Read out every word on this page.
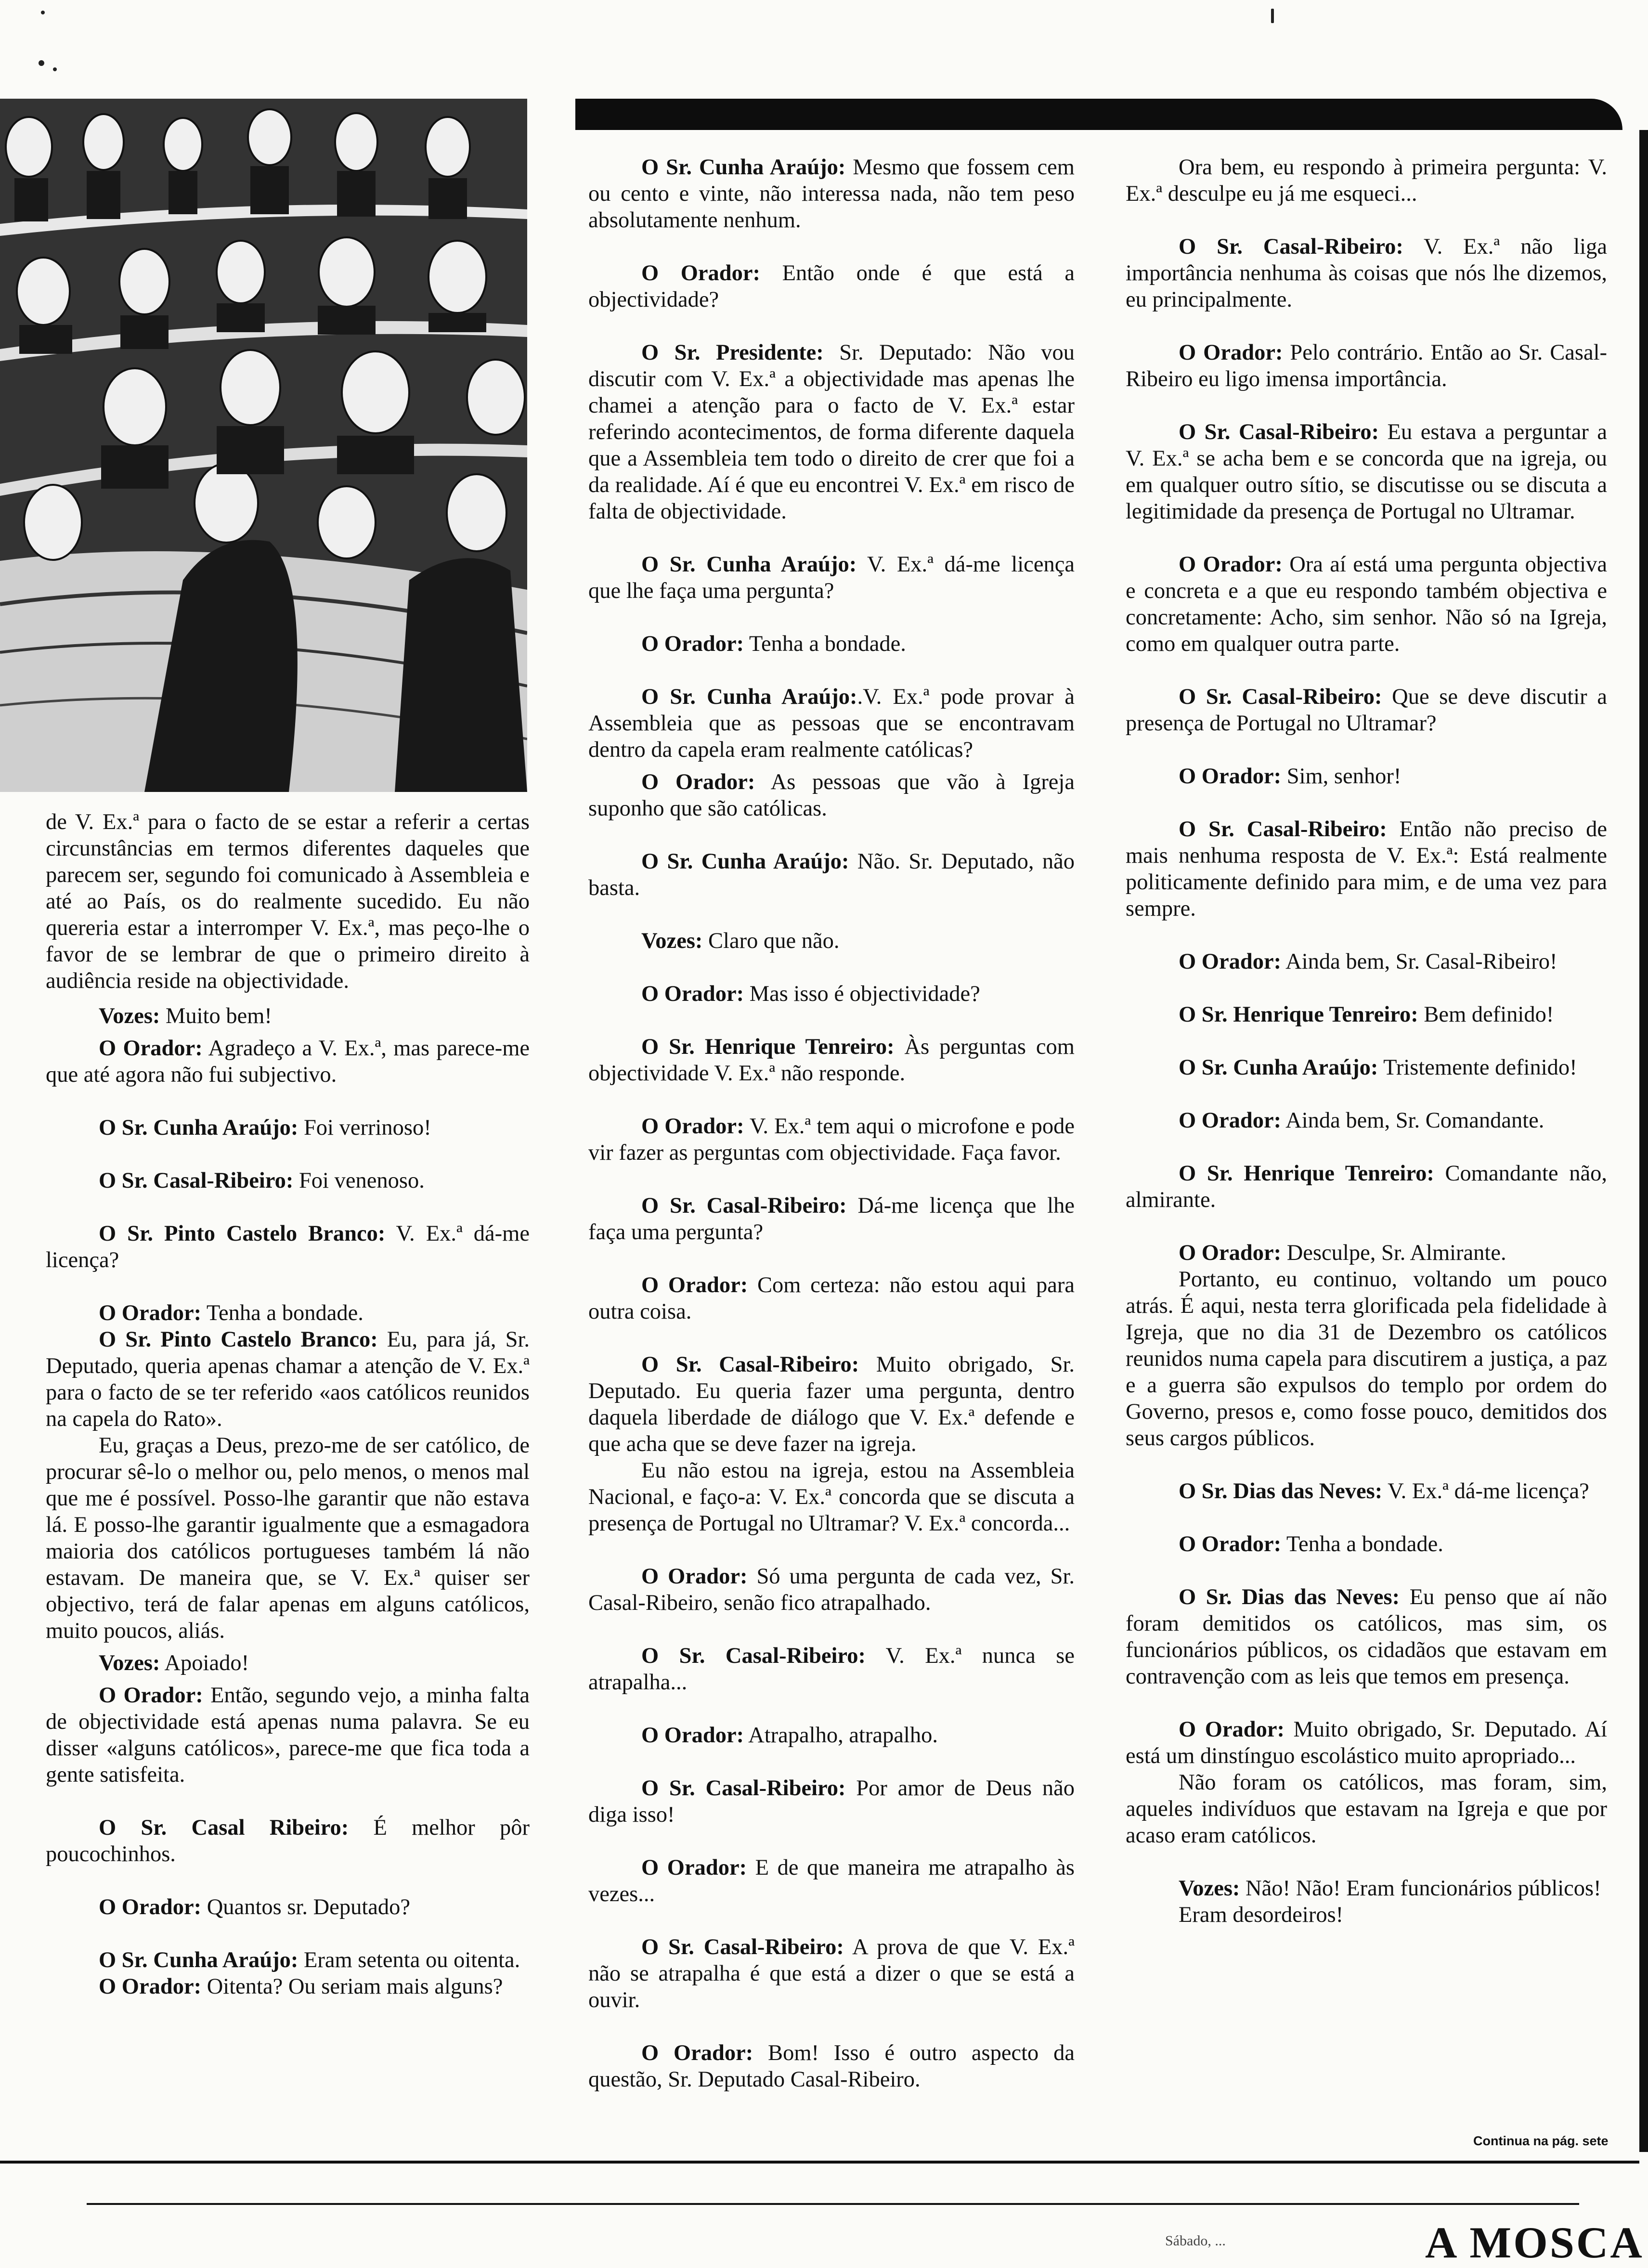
de V. Ex.ª para o facto de se estar a referir a certas circunstâncias em termos diferentes daqueles que parecem ser, segundo foi comunicado à Assembleia e até ao País, os do realmente sucedido. Eu não quereria estar a interromper V. Ex.ª, mas peço-lhe o favor de se lembrar de que o primeiro direito à audiência reside na objectividade.

Vozes: Muito bem!

O Orador: Agradeço a V. Ex.ª, mas parece-me que até agora não fui subjectivo.

O Sr. Cunha Araújo: Foi verrinoso!

O Sr. Casal-Ribeiro: Foi venenoso.

O Sr. Pinto Castelo Branco: V. Ex.ª dá-me licença?

O Orador: Tenha a bondade.

O Sr. Pinto Castelo Branco: Eu, para já, Sr. Deputado, queria apenas chamar a atenção de V. Ex.ª para o facto de se ter referido «aos católicos reunidos na capela do Rato».

Eu, graças a Deus, prezo-me de ser católico, de procurar sê-lo o melhor ou, pelo menos, o menos mal que me é possível. Posso-lhe garantir que não estava lá. E posso-lhe garantir igualmente que a esmagadora maioria dos católicos portugueses também lá não estavam. De maneira que, se V. Ex.ª quiser ser objectivo, terá de falar apenas em alguns católicos, muito poucos, aliás.

Vozes: Apoiado!

O Orador: Então, segundo vejo, a minha falta de objectividade está apenas numa palavra. Se eu disser «alguns católicos», parece-me que fica toda a gente satisfeita.

O Sr. Casal Ribeiro: É melhor pôr poucochinhos.

O Orador: Quantos sr. Deputado?

O Sr. Cunha Araújo: Eram setenta ou oitenta.

O Orador: Oitenta? Ou seriam mais alguns?

O Sr. Cunha Araújo: Mesmo que fossem cem ou cento e vinte, não interessa nada, não tem peso absolutamente nenhum.

O Orador: Então onde é que está a objectividade?

O Sr. Presidente: Sr. Deputado: Não vou discutir com V. Ex.ª a objectividade mas apenas lhe chamei a atenção para o facto de V. Ex.ª estar referindo acontecimentos, de forma diferente daquela que a Assembleia tem todo o direito de crer que foi a da realidade. Aí é que eu encontrei V. Ex.ª em risco de falta de objectividade.

O Sr. Cunha Araújo: V. Ex.ª dá-me licença que lhe faça uma pergunta?

O Orador: Tenha a bondade.

O Sr. Cunha Araújo:.V. Ex.ª pode provar à Assembleia que as pessoas que se encontravam dentro da capela eram realmente católicas?

O Orador: As pessoas que vão à Igreja suponho que são católicas.

O Sr. Cunha Araújo: Não. Sr. Deputado, não basta.

Vozes: Claro que não.

O Orador: Mas isso é objectividade?

O Sr. Henrique Tenreiro: Às perguntas com objectividade V. Ex.ª não responde.

O Orador: V. Ex.ª tem aqui o microfone e pode vir fazer as perguntas com objectividade. Faça favor.

O Sr. Casal-Ribeiro: Dá-me licença que lhe faça uma pergunta?

O Orador: Com certeza: não estou aqui para outra coisa.

O Sr. Casal-Ribeiro: Muito obrigado, Sr. Deputado. Eu queria fazer uma pergunta, dentro daquela liberdade de diálogo que V. Ex.ª defende e que acha que se deve fazer na igreja.

Eu não estou na igreja, estou na Assembleia Nacional, e faço-a: V. Ex.ª concorda que se discuta a presença de Portugal no Ultramar? V. Ex.ª concorda...

O Orador: Só uma pergunta de cada vez, Sr. Casal-Ribeiro, senão fico atrapalhado.

O Sr. Casal-Ribeiro: V. Ex.ª nunca se atrapalha...

O Orador: Atrapalho, atrapalho.

O Sr. Casal-Ribeiro: Por amor de Deus não diga isso!

O Orador: E de que maneira me atrapalho às vezes...

O Sr. Casal-Ribeiro: A prova de que V. Ex.ª não se atrapalha é que está a dizer o que se está a ouvir.

O Orador: Bom! Isso é outro aspecto da questão, Sr. Deputado Casal-Ribeiro.

Ora bem, eu respondo à primeira pergunta: V. Ex.ª desculpe eu já me esqueci...

O Sr. Casal-Ribeiro: V. Ex.ª não liga importância nenhuma às coisas que nós lhe dizemos, eu principalmente.

O Orador: Pelo contrário. Então ao Sr. Casal-Ribeiro eu ligo imensa importância.

O Sr. Casal-Ribeiro: Eu estava a perguntar a V. Ex.ª se acha bem e se concorda que na igreja, ou em qualquer outro sítio, se discutisse ou se discuta a legitimidade da presença de Portugal no Ultramar.

O Orador: Ora aí está uma pergunta objectiva e concreta e a que eu respondo também objectiva e concretamente: Acho, sim senhor. Não só na Igreja, como em qualquer outra parte.

O Sr. Casal-Ribeiro: Que se deve discutir a presença de Portugal no Ultramar?

O Orador: Sim, senhor!

O Sr. Casal-Ribeiro: Então não preciso de mais nenhuma resposta de V. Ex.ª: Está realmente politicamente definido para mim, e de uma vez para sempre.

O Orador: Ainda bem, Sr. Casal-Ribeiro!

O Sr. Henrique Tenreiro: Bem definido!

O Sr. Cunha Araújo: Tristemente definido!

O Orador: Ainda bem, Sr. Comandante.

O Sr. Henrique Tenreiro: Comandante não, almirante.

O Orador: Desculpe, Sr. Almirante.

Portanto, eu continuo, voltando um pouco atrás. É aqui, nesta terra glorificada pela fidelidade à Igreja, que no dia 31 de Dezembro os católicos reunidos numa capela para discutirem a justiça, a paz e a guerra são expulsos do templo por ordem do Governo, presos e, como fosse pouco, demitidos dos seus cargos públicos.

O Sr. Dias das Neves: V. Ex.ª dá-me licença?

O Orador: Tenha a bondade.

O Sr. Dias das Neves: Eu penso que aí não foram demitidos os católicos, mas sim, os funcionários públicos, os cidadãos que estavam em contravenção com as leis que temos em presença.

O Orador: Muito obrigado, Sr. Deputado. Aí está um dinstínguo escolástico muito apropriado...

Não foram os católicos, mas foram, sim, aqueles indivíduos que estavam na Igreja e que por acaso eram católicos.

Vozes: Não! Não! Eram funcionários públicos!

Eram desordeiros!

Continua na pág. sete
Sábado, ...	A MOSCA
